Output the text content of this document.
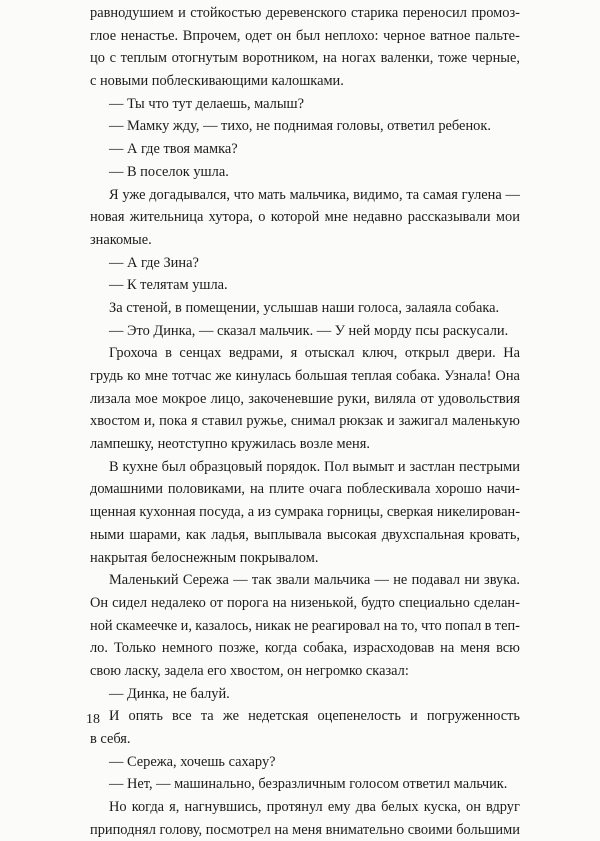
равнодушием и стойкостью деревенского старика переносил промоз-
глое ненастье. Впрочем, одет он был неплохо: черное ватное пальте-
цо с теплым отогнутым воротником, на ногах валенки, тоже черные,
с новыми поблескивающими калошками.
— Ты что тут делаешь, малыш?
— Мамку жду, — тихо, не поднимая головы, ответил ребенок.
— А где твоя мамка?
— В поселок ушла.
Я уже догадывался, что мать мальчика, видимо, та самая гулена —
новая жительница хутора, о которой мне недавно рассказывали мои
знакомые.
— А где Зина?
— К телятам ушла.
За стеной, в помещении, услышав наши голоса, залаяла собака.
— Это Динка, — сказал мальчик. — У ней морду псы раскусали.
Грохоча в сенцах ведрами, я отыскал ключ, открыл двери. На
грудь ко мне тотчас же кинулась большая теплая собака. Узнала! Она
лизала мое мокрое лицо, закоченевшие руки, виляла от удовольствия
хвостом и, пока я ставил ружье, снимал рюкзак и зажигал маленькую
лампешку, неотступно кружилась возле меня.
В кухне был образцовый порядок. Пол вымыт и застлан пестрыми
домашними половиками, на плите очага поблескивала хорошо начи-
щенная кухонная посуда, а из сумрака горницы, сверкая никелирован-
ными шарами, как ладья, выплывала высокая двухспальная кровать,
накрытая белоснежным покрывалом.
Маленький Сережа — так звали мальчика — не подавал ни звука.
Он сидел недалеко от порога на низенькой, будто специально сделан-
ной скамеечке и, казалось, никак не реагировал на то, что попал в теп-
ло. Только немного позже, когда собака, израсходовав на меня всю
свою ласку, задела его хвостом, он негромко сказал:
— Динка, не балуй.
И опять все та же недетская оцепенелость и погруженность
в себя.
— Сережа, хочешь сахару?
— Нет, — машинально, безразличным голосом ответил мальчик.
Но когда я, нагнувшись, протянул ему два белых куска, он вдруг
приподнял голову, посмотрел на меня внимательно своими большими
18
